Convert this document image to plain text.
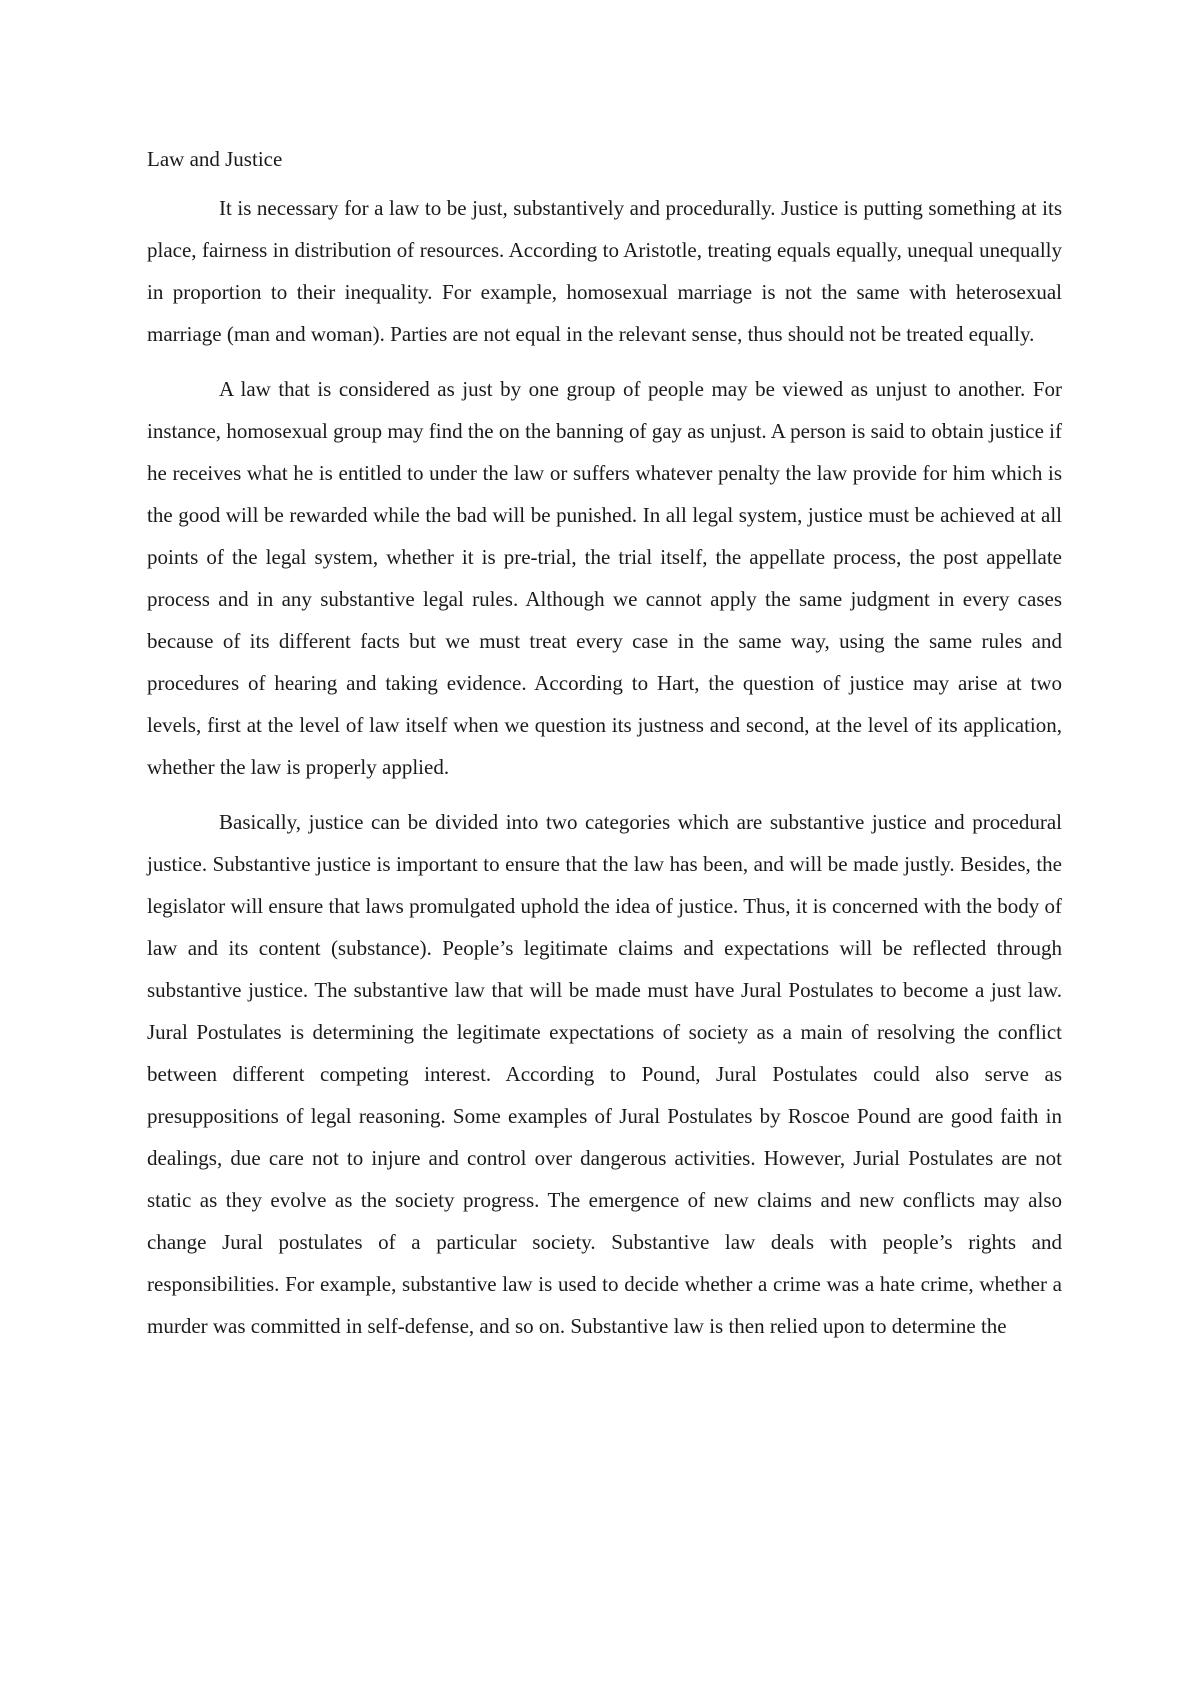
Law and Justice

It is necessary for a law to be just, substantively and procedurally. Justice is putting something at its place, fairness in distribution of resources. According to Aristotle, treating equals equally, unequal unequally in proportion to their inequality. For example, homosexual marriage is not the same with heterosexual marriage (man and woman). Parties are not equal in the relevant sense, thus should not be treated equally.

A law that is considered as just by one group of people may be viewed as unjust to another. For instance, homosexual group may find the on the banning of gay as unjust. A person is said to obtain justice if he receives what he is entitled to under the law or suffers whatever penalty the law provide for him which is the good will be rewarded while the bad will be punished. In all legal system, justice must be achieved at all points of the legal system, whether it is pre-trial, the trial itself, the appellate process, the post appellate process and in any substantive legal rules. Although we cannot apply the same judgment in every cases because of its different facts but we must treat every case in the same way, using the same rules and procedures of hearing and taking evidence. According to Hart, the question of justice may arise at two levels, first at the level of law itself when we question its justness and second, at the level of its application, whether the law is properly applied.

Basically, justice can be divided into two categories which are substantive justice and procedural justice. Substantive justice is important to ensure that the law has been, and will be made justly. Besides, the legislator will ensure that laws promulgated uphold the idea of justice. Thus, it is concerned with the body of law and its content (substance). People’s legitimate claims and expectations will be reflected through substantive justice. The substantive law that will be made must have Jural Postulates to become a just law. Jural Postulates is determining the legitimate expectations of society as a main of resolving the conflict between different competing interest. According to Pound, Jural Postulates could also serve as presuppositions of legal reasoning. Some examples of Jural Postulates by Roscoe Pound are good faith in dealings, due care not to injure and control over dangerous activities. However, Jurial Postulates are not static as they evolve as the society progress. The emergence of new claims and new conflicts may also change Jural postulates of a particular society. Substantive law deals with people’s rights and responsibilities. For example, substantive law is used to decide whether a crime was a hate crime, whether a murder was committed in self-defense, and so on. Substantive law is then relied upon to determine the
